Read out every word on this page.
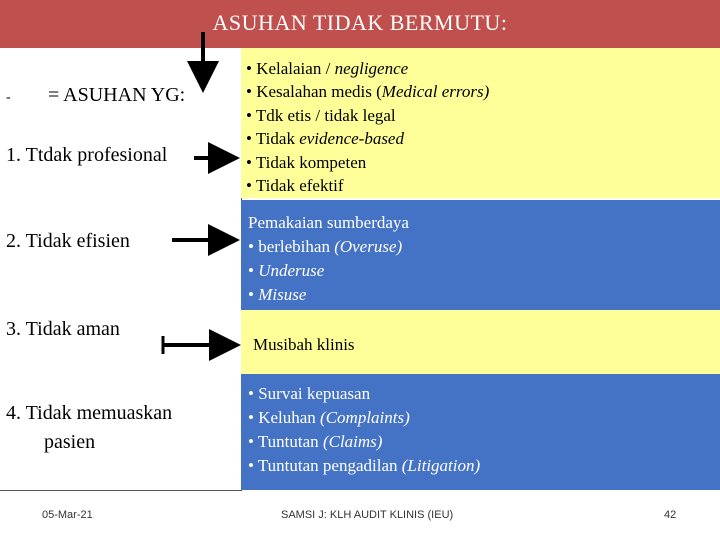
ASUHAN TIDAK BERMUTU:
- = ASUHAN YG:
1. Ttdak profesional
2. Tidak efisien
3. Tidak aman
4. Tidak memuaskan
pasien
• Kelalaian / negligence
• Kesalahan medis (Medical errors)
• Tdk etis / tidak legal
• Tidak evidence-based
• Tidak kompeten
• Tidak efektif
Pemakaian sumberdaya
• berlebihan (Overuse)
• Underuse
• Misuse
Musibah klinis
• Survai kepuasan
• Keluhan (Complaints)
• Tuntutan (Claims)
• Tuntutan pengadilan (Litigation)
05-Mar-21	SAMSI J: KLH AUDIT KLINIS (IEU)	42
